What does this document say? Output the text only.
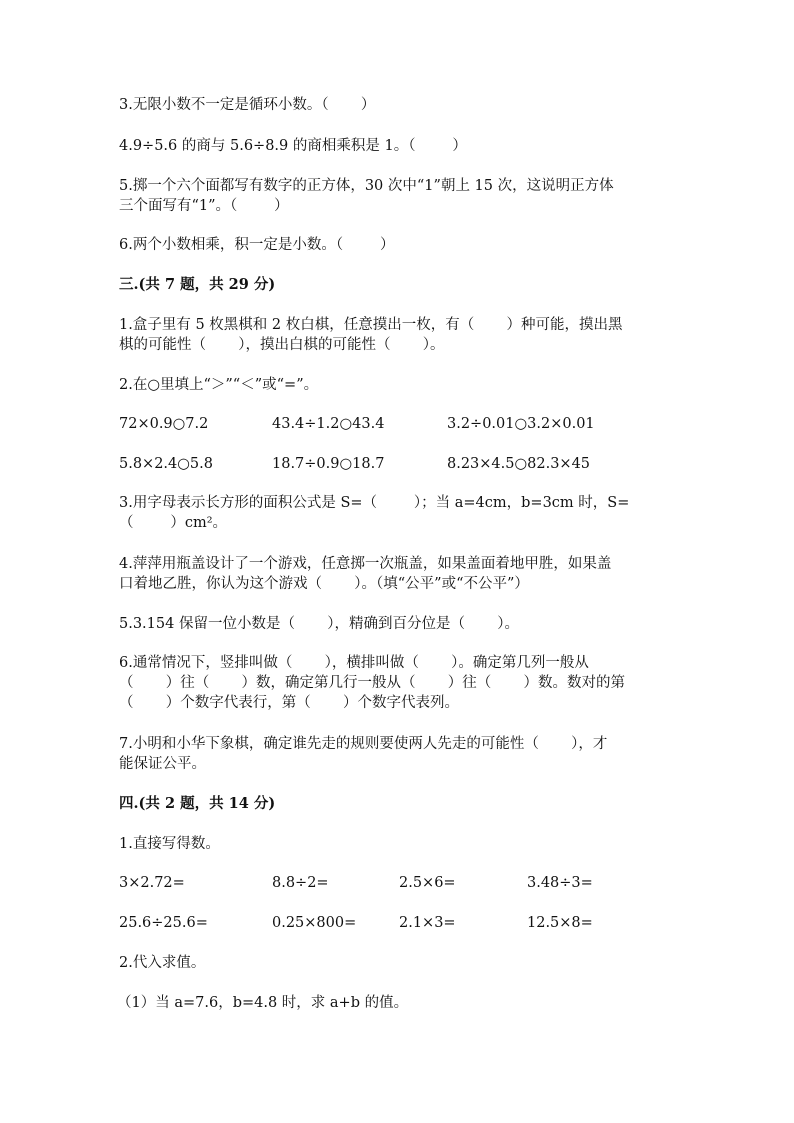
3.无限小数不一定是循环小数。（       ）
4.9÷5.6 的商与 5.6÷8.9 的商相乘积是 1。（        ）
5.掷一个六个面都写有数字的正方体，30 次中“1”朝上 15 次，这说明正方体
三个面写有“1”。（        ）
6.两个小数相乘，积一定是小数。（        ）
三.(共 7 题，共 29 分)
1.盒子里有 5 枚黑棋和 2 枚白棋，任意摸出一枚，有（       ）种可能，摸出黑
棋的可能性（       ），摸出白棋的可能性（       ）。
2.在○里填上“＞”“＜”或“=”。
72×0.9○7.2	43.4÷1.2○43.4	3.2÷0.01○3.2×0.01
5.8×2.4○5.8	18.7÷0.9○18.7	8.23×4.5○82.3×45
3.用字母表示长方形的面积公式是 S=（        ）；当 a=4cm，b=3cm 时，S=
（        ）cm²。
4.萍萍用瓶盖设计了一个游戏，任意掷一次瓶盖，如果盖面着地甲胜，如果盖
口着地乙胜，你认为这个游戏（       ）。（填“公平”或“不公平”）
5.3.154 保留一位小数是（       ），精确到百分位是（       ）。
6.通常情况下，竖排叫做（       ），横排叫做（       ）。确定第几列一般从
（       ）往（       ）数，确定第几行一般从（       ）往（       ）数。数对的第
（       ）个数字代表行，第（       ）个数字代表列。
7.小明和小华下象棋，确定谁先走的规则要使两人先走的可能性（       ），才
能保证公平。
四.(共 2 题，共 14 分)
1.直接写得数。
3×2.72=	8.8÷2=	2.5×6=	3.48÷3=
25.6÷25.6=	0.25×800=	2.1×3=	12.5×8=
2.代入求值。
（1）当 a=7.6，b=4.8 时，求 a+b 的值。
